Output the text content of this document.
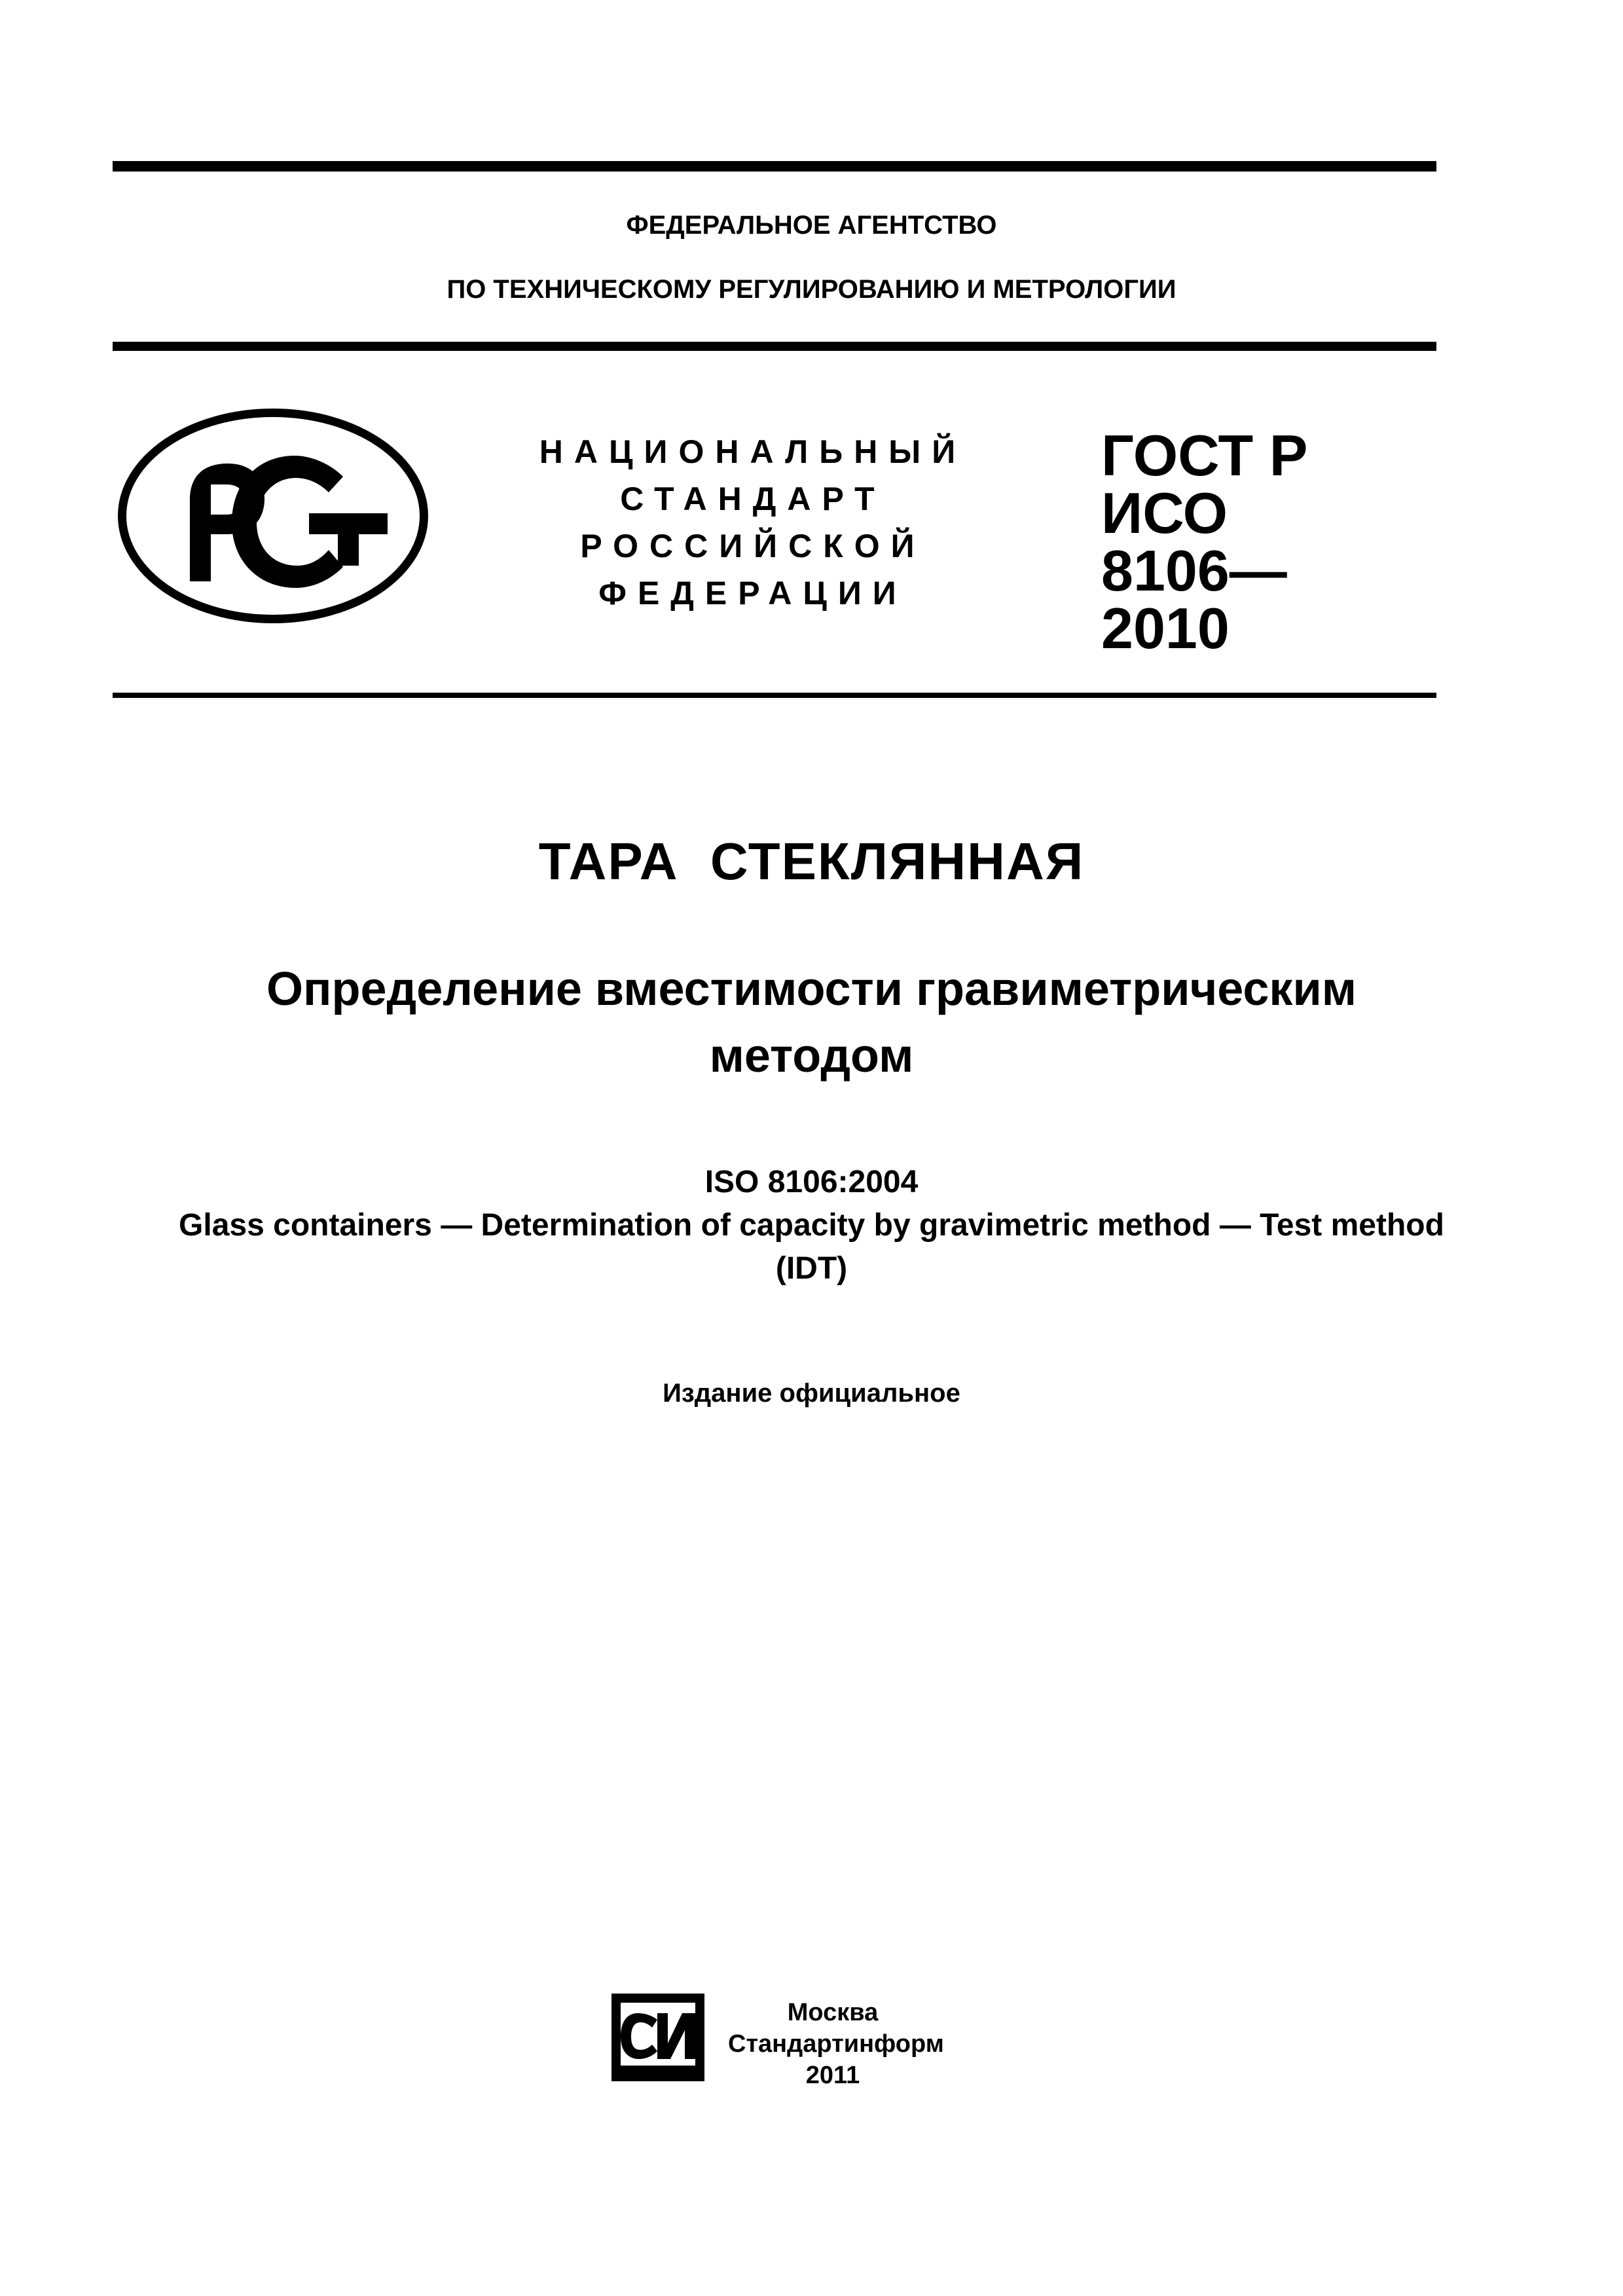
ФЕДЕРАЛЬНОЕ АГЕНТСТВО
ПО ТЕХНИЧЕСКОМУ РЕГУЛИРОВАНИЮ И МЕТРОЛОГИИ
НАЦИОНАЛЬНЫЙ
СТАНДАРТ
РОССИЙСКОЙ
ФЕДЕРАЦИИ
ГОСТ Р ИСО
8106—
2010
ТАРА  СТЕКЛЯННАЯ
Определение вместимости гравиметрическим
методом
ISO 8106:2004
Glass containers — Determination of capacity by gravimetric method — Test method
(IDT)
Издание официальное
Москва
Стандартинформ
2011
